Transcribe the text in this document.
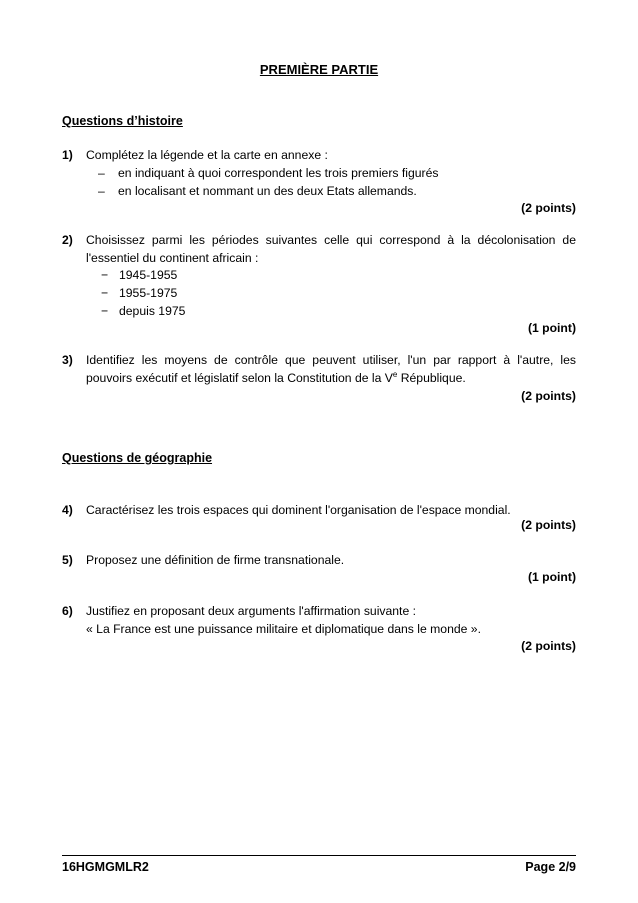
PREMIÈRE PARTIE
Questions d’histoire
1) Complétez la légende et la carte en annexe :
– en indiquant à quoi correspondent les trois premiers figurés
– en localisant et nommant un des deux Etats allemands.
(2 points)
2) Choisissez parmi les périodes suivantes celle qui correspond à la décolonisation de
l'essentiel du continent africain :
− 1945-1955
− 1955-1975
− depuis 1975
(1 point)
3) Identifiez les moyens de contrôle que peuvent utiliser, l'un par rapport à l'autre, les
pouvoirs exécutif et législatif selon la Constitution de la Ve République.
(2 points)
Questions de géographie
4) Caractérisez les trois espaces qui dominent l'organisation de l'espace mondial.
(2 points)
5) Proposez une définition de firme transnationale.
(1 point)
6) Justifiez en proposant deux arguments l'affirmation suivante :
« La France est une puissance militaire et diplomatique dans le monde ».
(2 points)
16HGMGMLR2	Page 2/9
